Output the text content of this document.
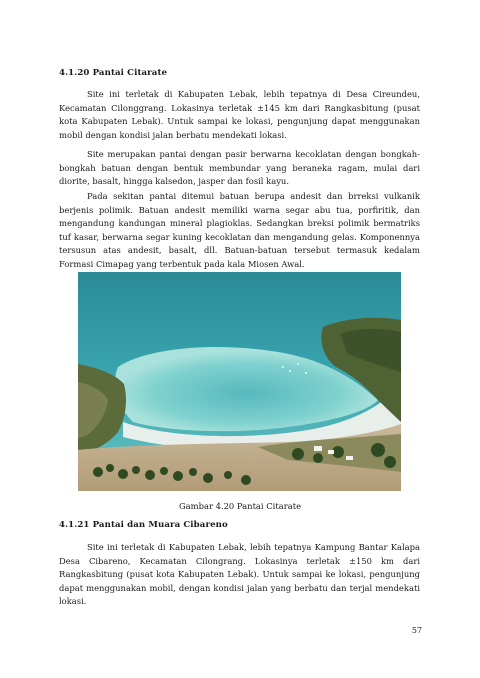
4.1.20 Pantai Citarate

Site ini terletak di Kabupaten Lebak, lebih tepatnya di Desa Cireundeu, Kecamatan Cilonggrang. Lokasinya terletak ±145 km dari Rangkasbitung (pusat kota Kabupaten Lebak). Untuk sampai ke lokasi, pengunjung dapat menggunakan mobil dengan kondisi jalan berbatu mendekati lokasi.

Site merupakan pantai dengan pasir berwarna kecoklatan dengan bongkah-bongkah batuan dengan bentuk membundar yang beraneka ragam, mulai dari diorite, basalt, hingga kalsedon, jasper dan fosil kayu.

Pada sekitan pantai ditemui batuan berupa andesit dan brreksi vulkanik berjenis polimik. Batuan andesit memiliki warna segar abu tua, porfiritik, dan mengandung kandungan mineral plagioklas. Sedangkan breksi polimik bermatriks tuf kasar, berwarna segar kuning kecoklatan dan mengandung gelas. Komponennya tersusun atas andesit, basalt, dll. Batuan-batuan tersebut termasuk kedalam Formasi Cimapag yang terbentuk pada kala Miosen Awal.

Gambar 4.20 Pantai Citarate
4.1.21 Pantai dan Muara Cibareno

Site ini terletak di Kabupaten Lebak, lebih tepatnya Kampung Bantar Kalapa Desa Cibareno, Kecamatan Cilongrang. Lokasinya terletak ±150 km dari Rangkasbitung (pusat kota Kabupaten Lebak). Untuk sampai ke lokasi, pengunjung dapat menggunakan mobil, dengan kondisi jalan yang berbatu dan terjal mendekati lokasi.

57
